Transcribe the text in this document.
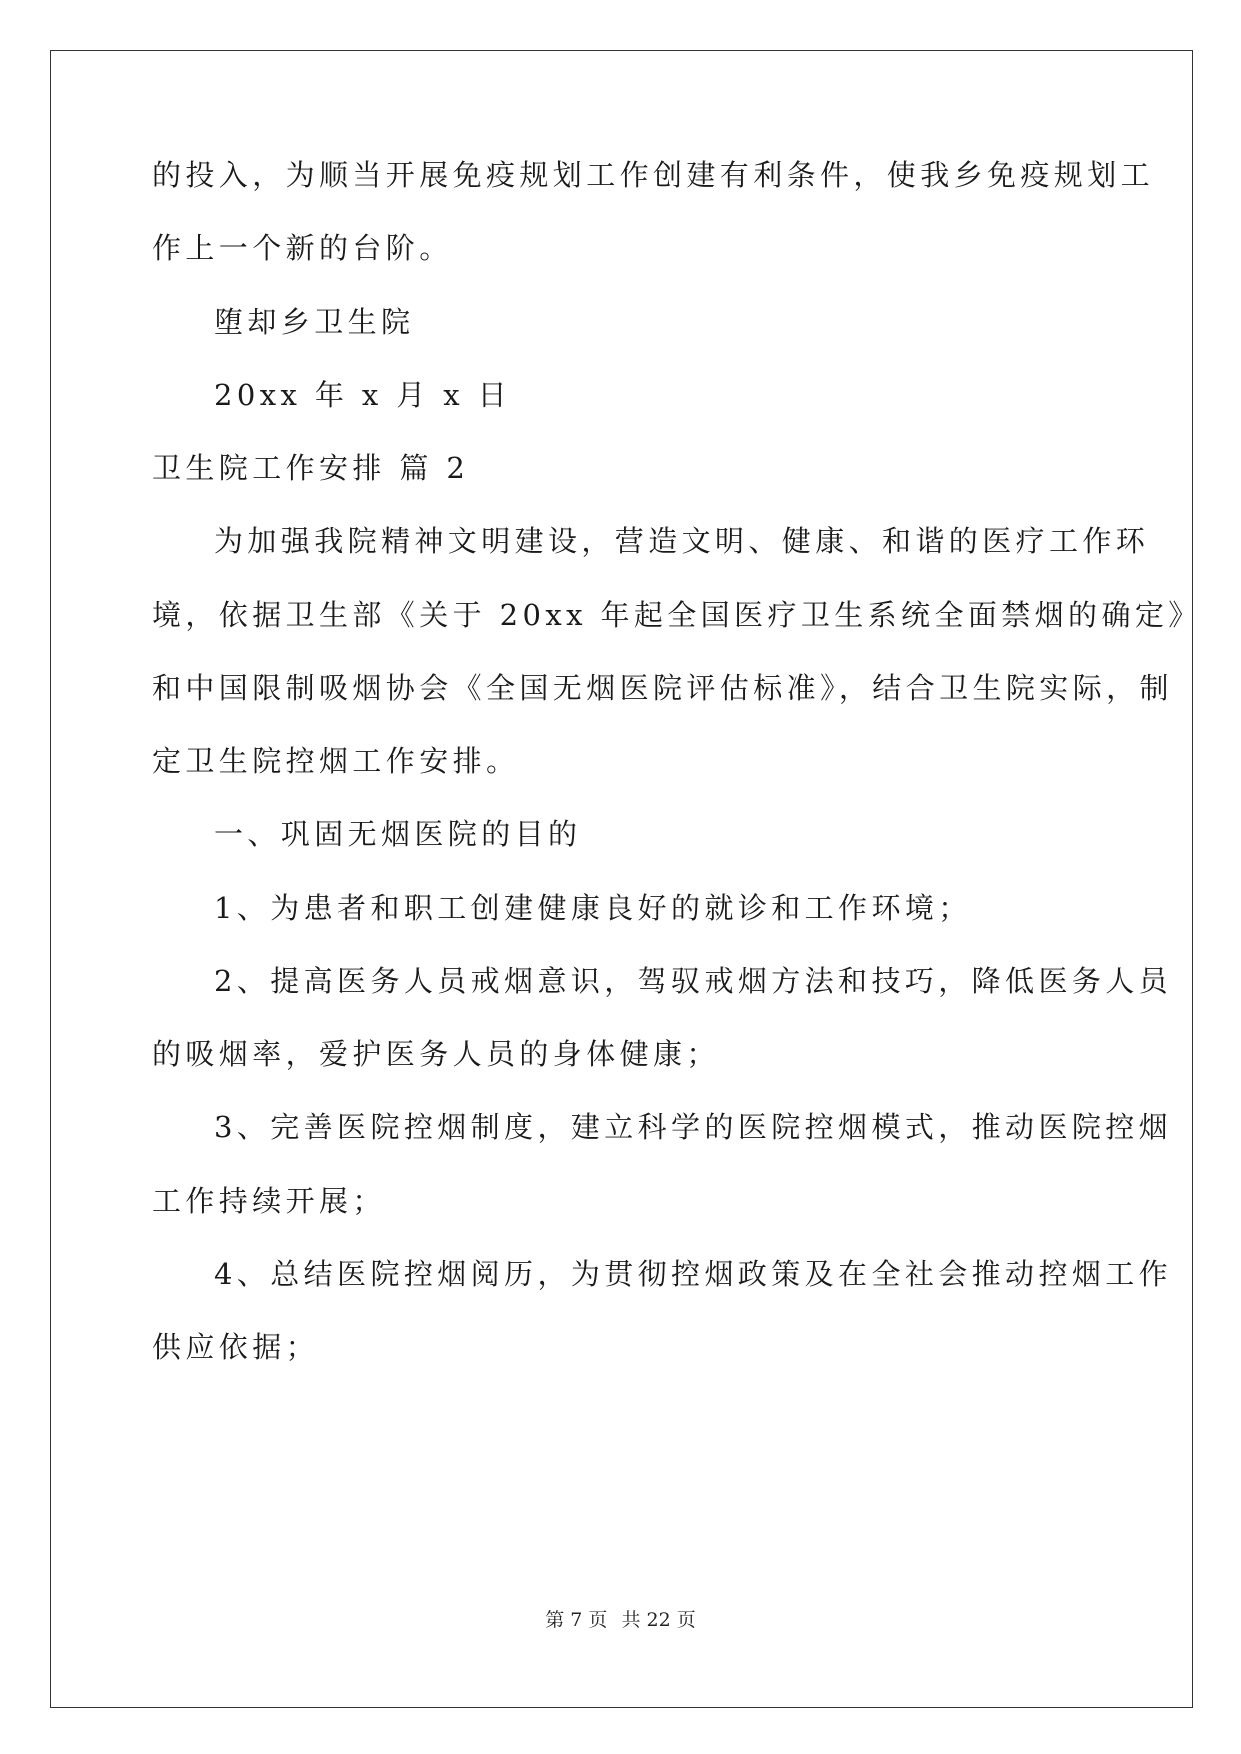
的投入，为顺当开展免疫规划工作创建有利条件，使我乡免疫规划工
作上一个新的台阶。
堕却乡卫生院
20xx 年 x 月 x 日
卫生院工作安排 篇 2
为加强我院精神文明建设，营造文明、健康、和谐的医疗工作环
境，依据卫生部《关于 20xx 年起全国医疗卫生系统全面禁烟的确定》
和中国限制吸烟协会《全国无烟医院评估标准》，结合卫生院实际，制
定卫生院控烟工作安排。
一、巩固无烟医院的目的
1、为患者和职工创建健康良好的就诊和工作环境；
2、提高医务人员戒烟意识，驾驭戒烟方法和技巧，降低医务人员
的吸烟率，爱护医务人员的身体健康；
3、完善医院控烟制度，建立科学的医院控烟模式，推动医院控烟
工作持续开展；
4、总结医院控烟阅历，为贯彻控烟政策及在全社会推动控烟工作
供应依据；
第 7 页 共 22 页
